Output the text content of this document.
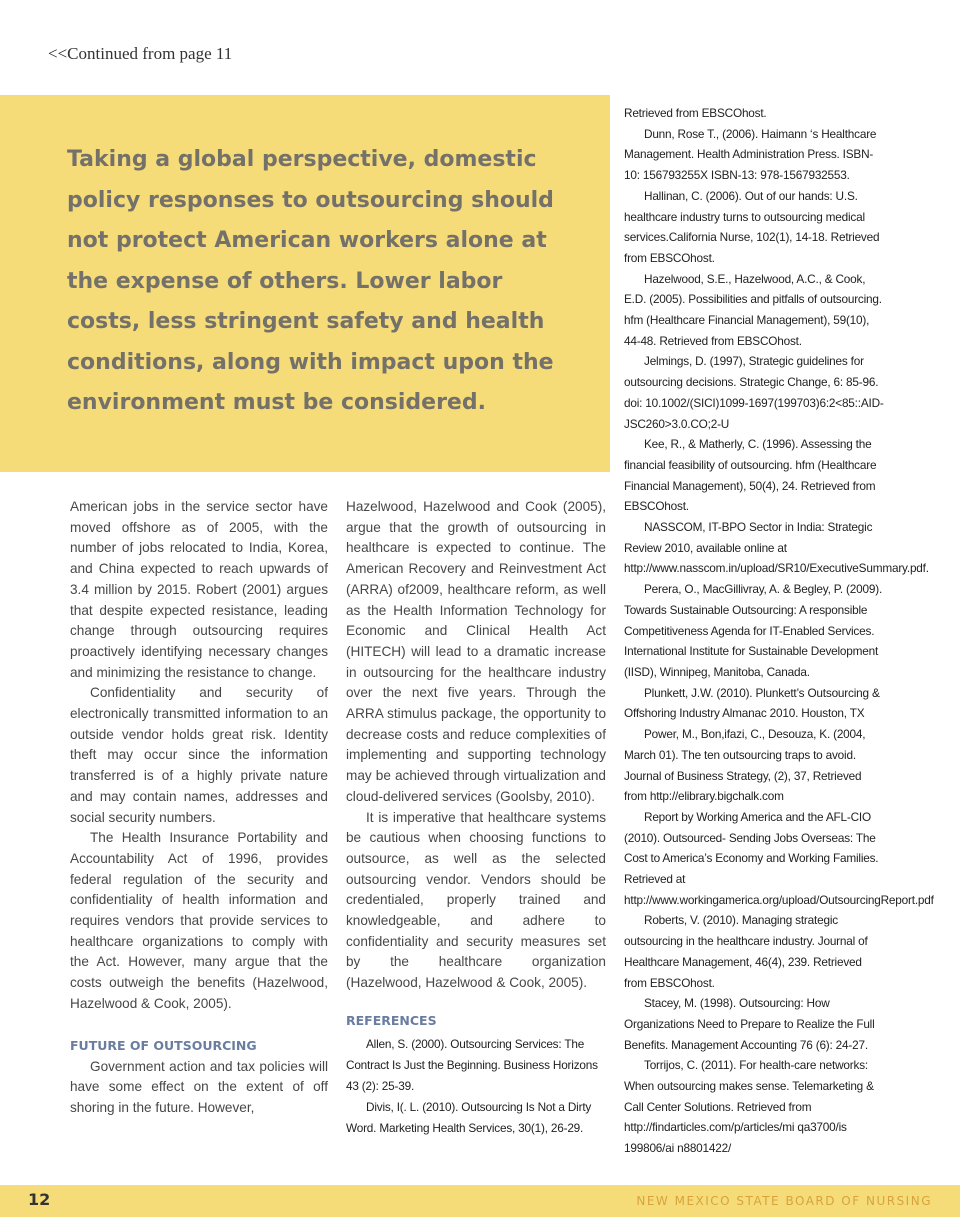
<<Continued from page 11

Taking a global perspective, domestic policy responses to outsourcing should not protect American workers alone at the expense of others. Lower labor costs, less stringent safety and health conditions, along with impact upon the environment must be considered.

American jobs in the service sector have moved offshore as of 2005, with the number of jobs relocated to India, Korea, and China expected to reach upwards of 3.4 million by 2015. Robert (2001) argues that despite expected resistance, leading change through outsourcing requires proactively identifying necessary changes and minimizing the resistance to change.

Confidentiality and security of electronically transmitted information to an outside vendor holds great risk. Identity theft may occur since the information transferred is of a highly private nature and may contain names, addresses and social security numbers.

The Health Insurance Portability and Accountability Act of 1996, provides federal regulation of the security and confidentiality of health information and requires vendors that provide services to healthcare organizations to comply with the Act. However, many argue that the costs outweigh the benefits (Hazelwood, Hazelwood & Cook, 2005).

FUTURE OF OUTSOURCING

Government action and tax policies will have some effect on the extent of off shoring in the future. However,

Hazelwood, Hazelwood and Cook (2005), argue that the growth of outsourcing in healthcare is expected to continue. The American Recovery and Reinvestment Act (ARRA) of2009, healthcare reform, as well as the Health Information Technology for Economic and Clinical Health Act (HITECH) will lead to a dramatic increase in outsourcing for the healthcare industry over the next five years. Through the ARRA stimulus package, the opportunity to decrease costs and reduce complexities of implementing and supporting technology may be achieved through virtualization and cloud-delivered services (Goolsby, 2010).

It is imperative that healthcare systems be cautious when choosing functions to outsource, as well as the selected outsourcing vendor. Vendors should be credentialed, properly trained and knowledgeable, and adhere to confidentiality and security measures set by the healthcare organization (Hazelwood, Hazelwood & Cook, 2005).

REFERENCES

Allen, S. (2000). Outsourcing Services: The Contract Is Just the Beginning. Business Horizons 43 (2): 25-39.

Divis, I(. L. (2010). Outsourcing Is Not a Dirty Word. Marketing Health Services, 30(1), 26-29.

Retrieved from EBSCOhost.

Dunn, Rose T., (2006). Haimann ‘s Healthcare Management. Health Administration Press. ISBN-10: 156793255X ISBN-13: 978-1567932553.

Hallinan, C. (2006). Out of our hands: U.S. healthcare industry turns to outsourcing medical services.California Nurse, 102(1), 14-18. Retrieved from EBSCOhost.

Hazelwood, S.E., Hazelwood, A.C., & Cook, E.D. (2005). Possibilities and pitfalls of outsourcing. hfm (Healthcare Financial Management), 59(10), 44-48. Retrieved from EBSCOhost.

Jelmings, D. (1997), Strategic guidelines for outsourcing decisions. Strategic Change, 6: 85-96. doi: 10.1002/(SICI)1099-1697(199703)6:2<85::AID-JSC260>3.0.CO;2-U

Kee, R., & Matherly, C. (1996). Assessing the financial feasibility of outsourcing. hfm (Healthcare Financial Management), 50(4), 24. Retrieved from EBSCOhost.

NASSCOM, IT-BPO Sector in India: Strategic Review 2010, available online at http://www.nasscom.in/upload/SR10/ExecutiveSummary.pdf.

Perera, O., MacGillivray, A. & Begley, P. (2009). Towards Sustainable Outsourcing: A responsible Competitiveness Agenda for IT-Enabled Services. International Institute for Sustainable Development (IISD), Winnipeg, Manitoba, Canada.

Plunkett, J.W. (2010). Plunkett’s Outsourcing & Offshoring Industry Almanac 2010. Houston, TX

Power, M., Bon,ifazi, C., Desouza, K. (2004, March 01). The ten outsourcing traps to avoid. Journal of Business Strategy, (2), 37, Retrieved from http://elibrary.bigchalk.com

Report by Working America and the AFL-CIO (2010). Outsourced- Sending Jobs Overseas: The Cost to America’s Economy and Working Families. Retrieved at http://www.workingamerica.org/upload/OutsourcingReport.pdf

Roberts, V. (2010). Managing strategic outsourcing in the healthcare industry. Journal of Healthcare Management, 46(4), 239. Retrieved from EBSCOhost.

Stacey, M. (1998). Outsourcing: How Organizations Need to Prepare to Realize the Full Benefits. Management Accounting 76 (6): 24-27.

Torrijos, C. (2011). For health-care networks: When outsourcing makes sense. Telemarketing & Call Center Solutions. Retrieved from http://findarticles.com/p/articles/mi qa3700/is 199806/ai n8801422/

12	NEW MEXICO STATE BOARD OF NURSING
